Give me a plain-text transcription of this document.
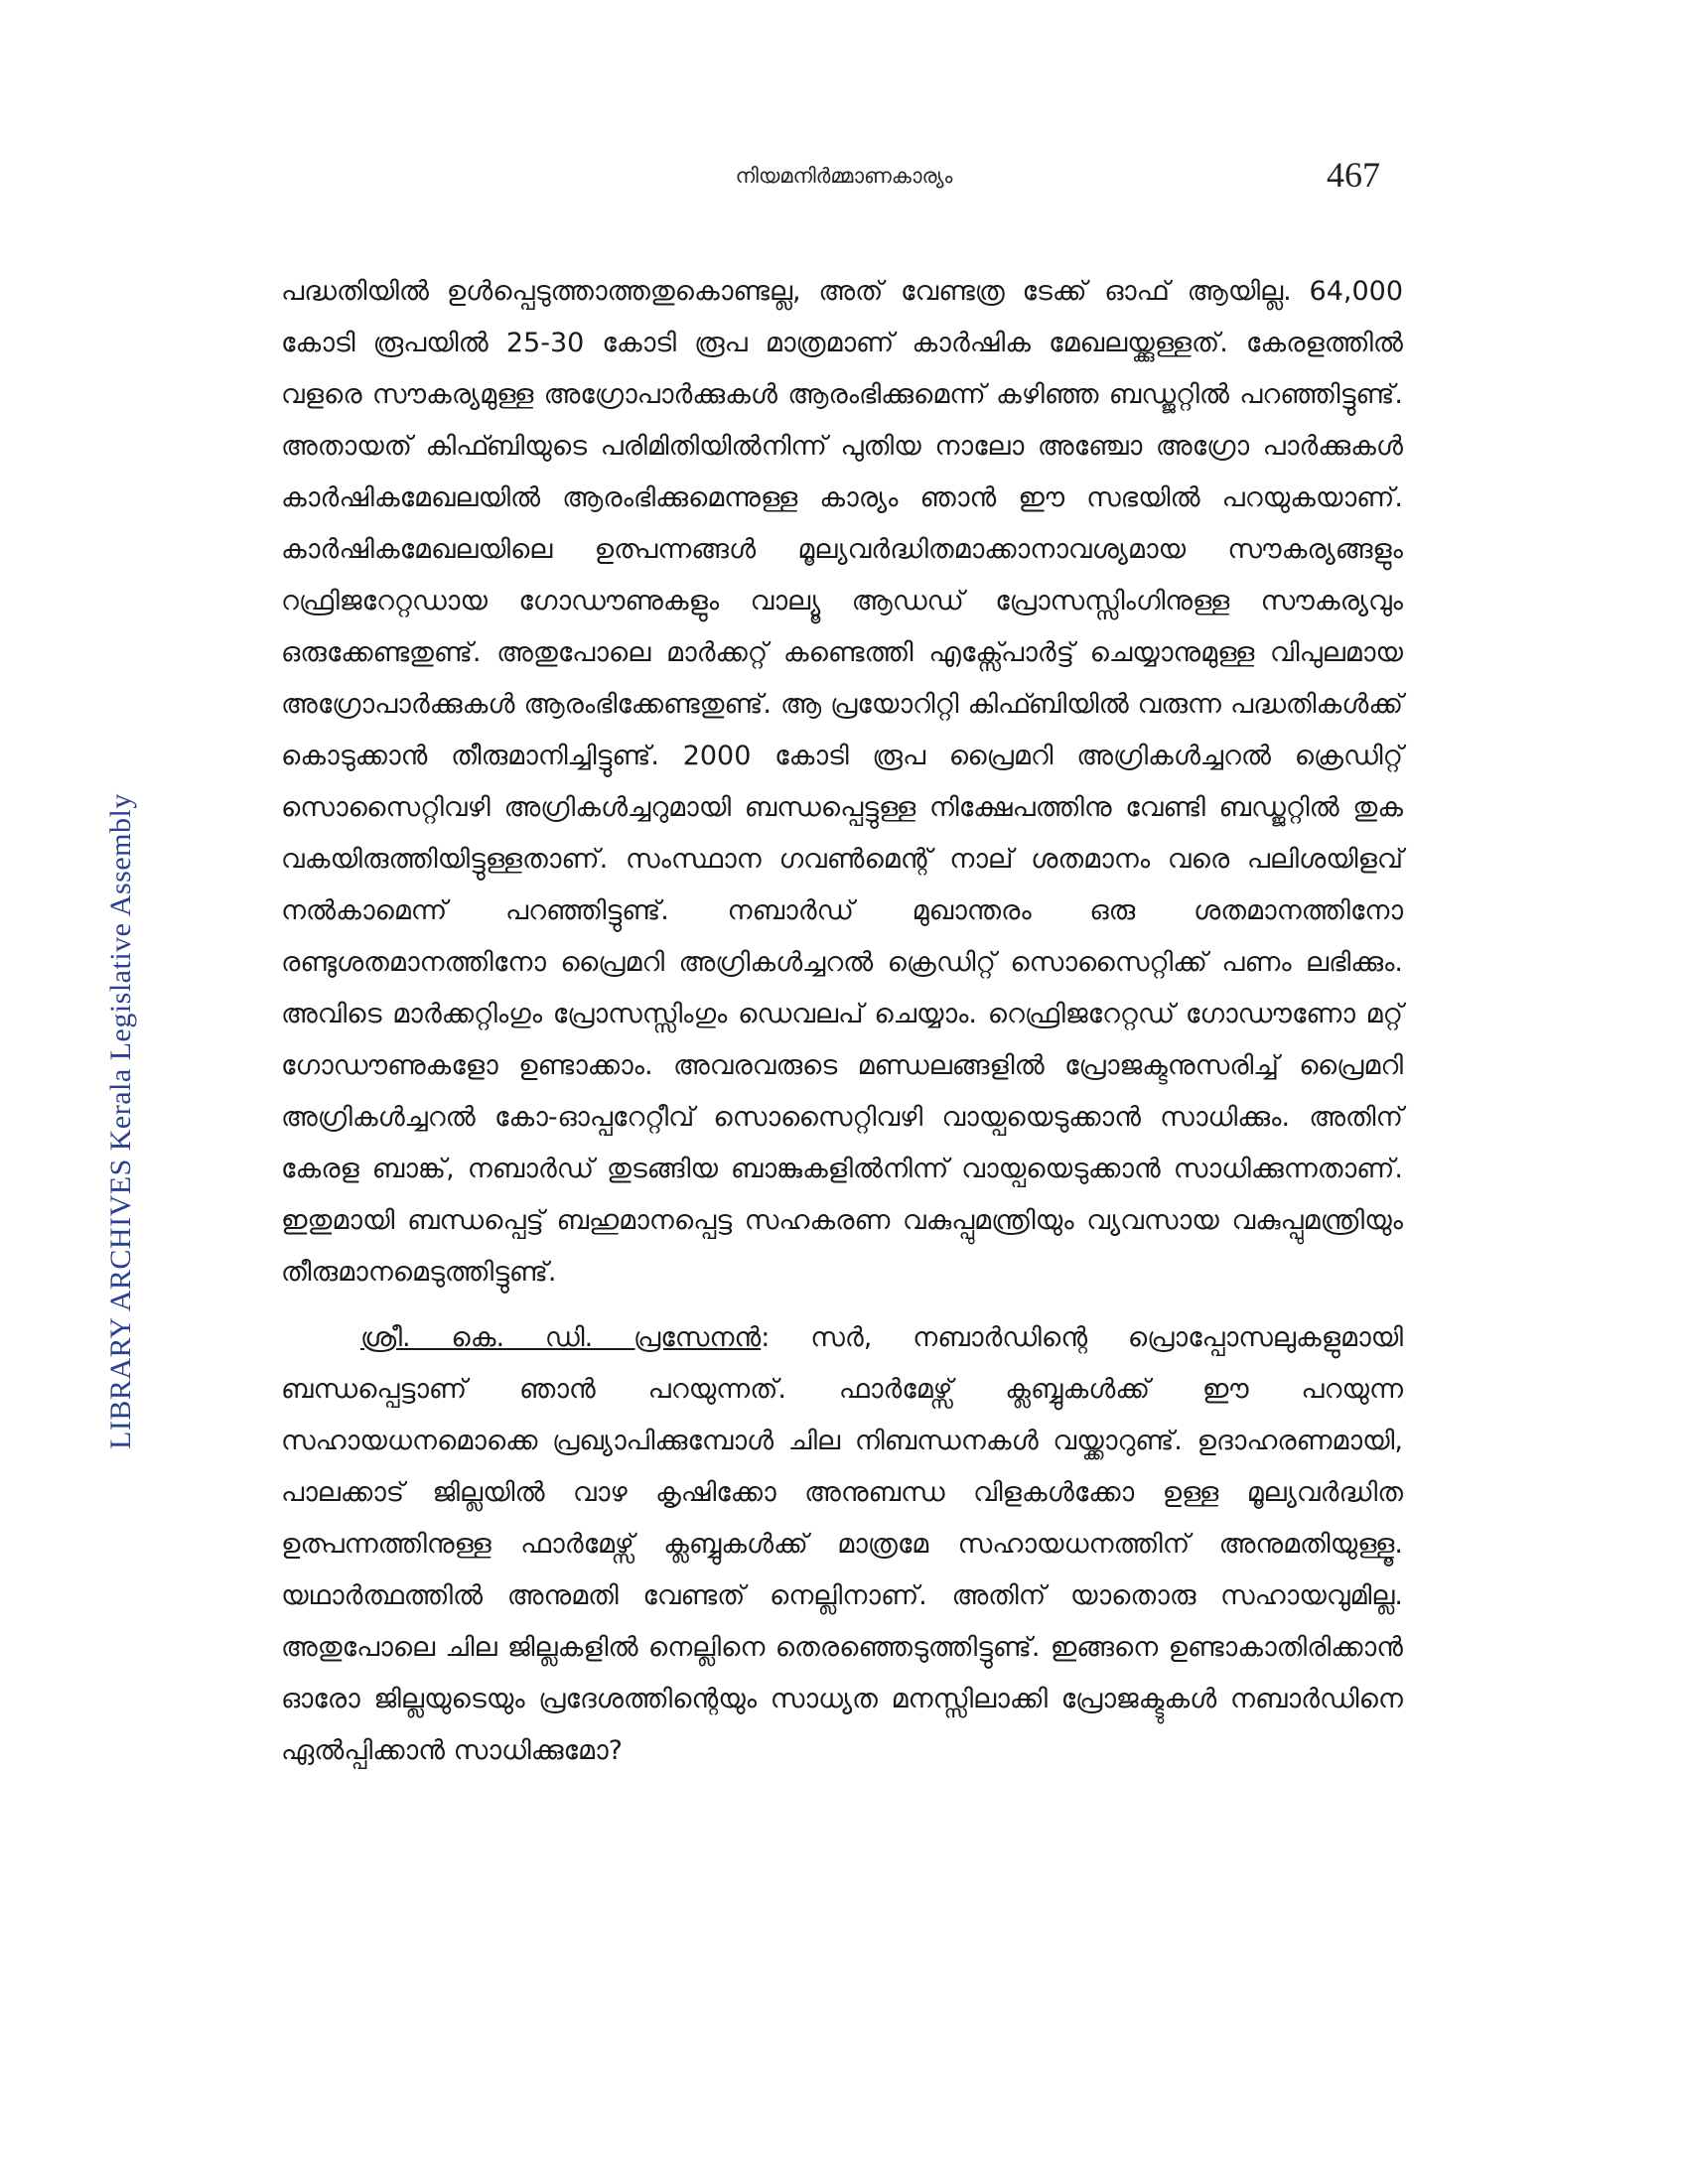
നിയമനിർമ്മാണകാര്യം	467
LIBRARY ARCHIVES Kerala Legislative Assembly

പദ്ധതിയിൽ ഉൾപ്പെടുത്താത്തതുകൊണ്ടല്ല, അത് വേണ്ടത്ര ടേക്ക് ഓഫ് ആയില്ല. 64,000 കോടി രൂപയിൽ 25-30 കോടി രൂപ മാത്രമാണ് കാർഷിക മേഖലയ്ക്കുള്ളത്. കേരളത്തിൽ വളരെ സൗകര്യമുള്ള അഗ്രോപാർക്കുകൾ ആരംഭിക്കുമെന്ന് കഴിഞ്ഞ ബഡ്ജറ്റിൽ പറഞ്ഞിട്ടുണ്ട്. അതായത് കിഫ്ബിയുടെ പരിമിതിയിൽനിന്ന് പുതിയ നാലോ അഞ്ചോ അഗ്രോ പാർക്കുകൾ കാർഷികമേഖലയിൽ ആരംഭിക്കുമെന്നുള്ള കാര്യം ഞാൻ ഈ സഭയിൽ പറയുകയാണ്. കാർഷികമേഖലയിലെ ഉത്പന്നങ്ങൾ മൂല്യവർദ്ധിതമാക്കാനാവശ്യമായ സൗകര്യങ്ങളും റഫ്രിജറേറ്റഡായ ഗോഡൗണുകളും വാല്യൂ ആഡഡ് പ്രോസസ്സിംഗിനുള്ള സൗകര്യവും ഒരുക്കേണ്ടതുണ്ട്. അതുപോലെ മാർക്കറ്റ് കണ്ടെത്തി എക്സ്പോർട്ട് ചെയ്യാനുമുള്ള വിപുലമായ അഗ്രോപാർക്കുകൾ ആരംഭിക്കേണ്ടതുണ്ട്. ആ പ്രയോറിറ്റി കിഫ്ബിയിൽ വരുന്ന പദ്ധതികൾക്ക് കൊടുക്കാൻ തീരുമാനിച്ചിട്ടുണ്ട്. 2000 കോടി രൂപ പ്രൈമറി അഗ്രികൾച്ചറൽ ക്രെഡിറ്റ് സൊസൈറ്റിവഴി അഗ്രികൾച്ചറുമായി ബന്ധപ്പെട്ടുള്ള നിക്ഷേപത്തിനു വേണ്ടി ബഡ്ജറ്റിൽ തുക വകയിരുത്തിയിട്ടുള്ളതാണ്. സംസ്ഥാന ഗവൺമെന്റ് നാല് ശതമാനം വരെ പലിശയിളവ് നൽകാമെന്ന് പറഞ്ഞിട്ടുണ്ട്. നബാർഡ് മുഖാന്തരം ഒരു ശതമാനത്തിനോ രണ്ടുശതമാനത്തിനോ പ്രൈമറി അഗ്രികൾച്ചറൽ ക്രെഡിറ്റ് സൊസൈറ്റിക്ക് പണം ലഭിക്കും. അവിടെ മാർക്കറ്റിംഗും പ്രോസസ്സിംഗും ഡെവലപ് ചെയ്യാം. റെഫ്രിജറേറ്റഡ് ഗോഡൗണോ മറ്റ് ഗോഡൗണുകളോ ഉണ്ടാക്കാം. അവരവരുടെ മണ്ഡലങ്ങളിൽ പ്രോജക്ടനുസരിച്ച് പ്രൈമറി അഗ്രികൾച്ചറൽ കോ-ഓപ്പറേറ്റീവ് സൊസൈറ്റിവഴി വായ്പയെടുക്കാൻ സാധിക്കും. അതിന് കേരള ബാങ്ക്, നബാർഡ് തുടങ്ങിയ ബാങ്കുകളിൽനിന്ന് വായ്പയെടുക്കാൻ സാധിക്കുന്നതാണ്. ഇതുമായി ബന്ധപ്പെട്ട് ബഹുമാനപ്പെട്ട സഹകരണ വകുപ്പുമന്ത്രിയും വ്യവസായ വകുപ്പുമന്ത്രിയും തീരുമാനമെടുത്തിട്ടുണ്ട്.

ശ്രീ. കെ. ഡി. പ്രസേനൻ: സർ, നബാർഡിന്റെ പ്രൊപ്പോസലുകളുമായി ബന്ധപ്പെട്ടാണ് ഞാൻ പറയുന്നത്. ഫാർമേഴ്സ് ക്ലബ്ബുകൾക്ക് ഈ പറയുന്ന സഹായധനമൊക്കെ പ്രഖ്യാപിക്കുമ്പോൾ ചില നിബന്ധനകൾ വയ്ക്കാറുണ്ട്. ഉദാഹരണമായി, പാലക്കാട് ജില്ലയിൽ വാഴ കൃഷിക്കോ അനുബന്ധ വിളകൾക്കോ ഉള്ള മൂല്യവർദ്ധിത ഉത്പന്നത്തിനുള്ള ഫാർമേഴ്സ് ക്ലബ്ബുകൾക്ക് മാത്രമേ സഹായധനത്തിന് അനുമതിയുള്ളൂ. യഥാർത്ഥത്തിൽ അനുമതി വേണ്ടത് നെല്ലിനാണ്. അതിന് യാതൊരു സഹായവുമില്ല. അതുപോലെ ചില ജില്ലകളിൽ നെല്ലിനെ തെരഞ്ഞെടുത്തിട്ടുണ്ട്. ഇങ്ങനെ ഉണ്ടാകാതിരിക്കാൻ ഓരോ ജില്ലയുടെയും പ്രദേശത്തിന്റെയും സാധ്യത മനസ്സിലാക്കി പ്രോജക്ടുകൾ നബാർഡിനെ ഏൽപ്പിക്കാൻ സാധിക്കുമോ?
